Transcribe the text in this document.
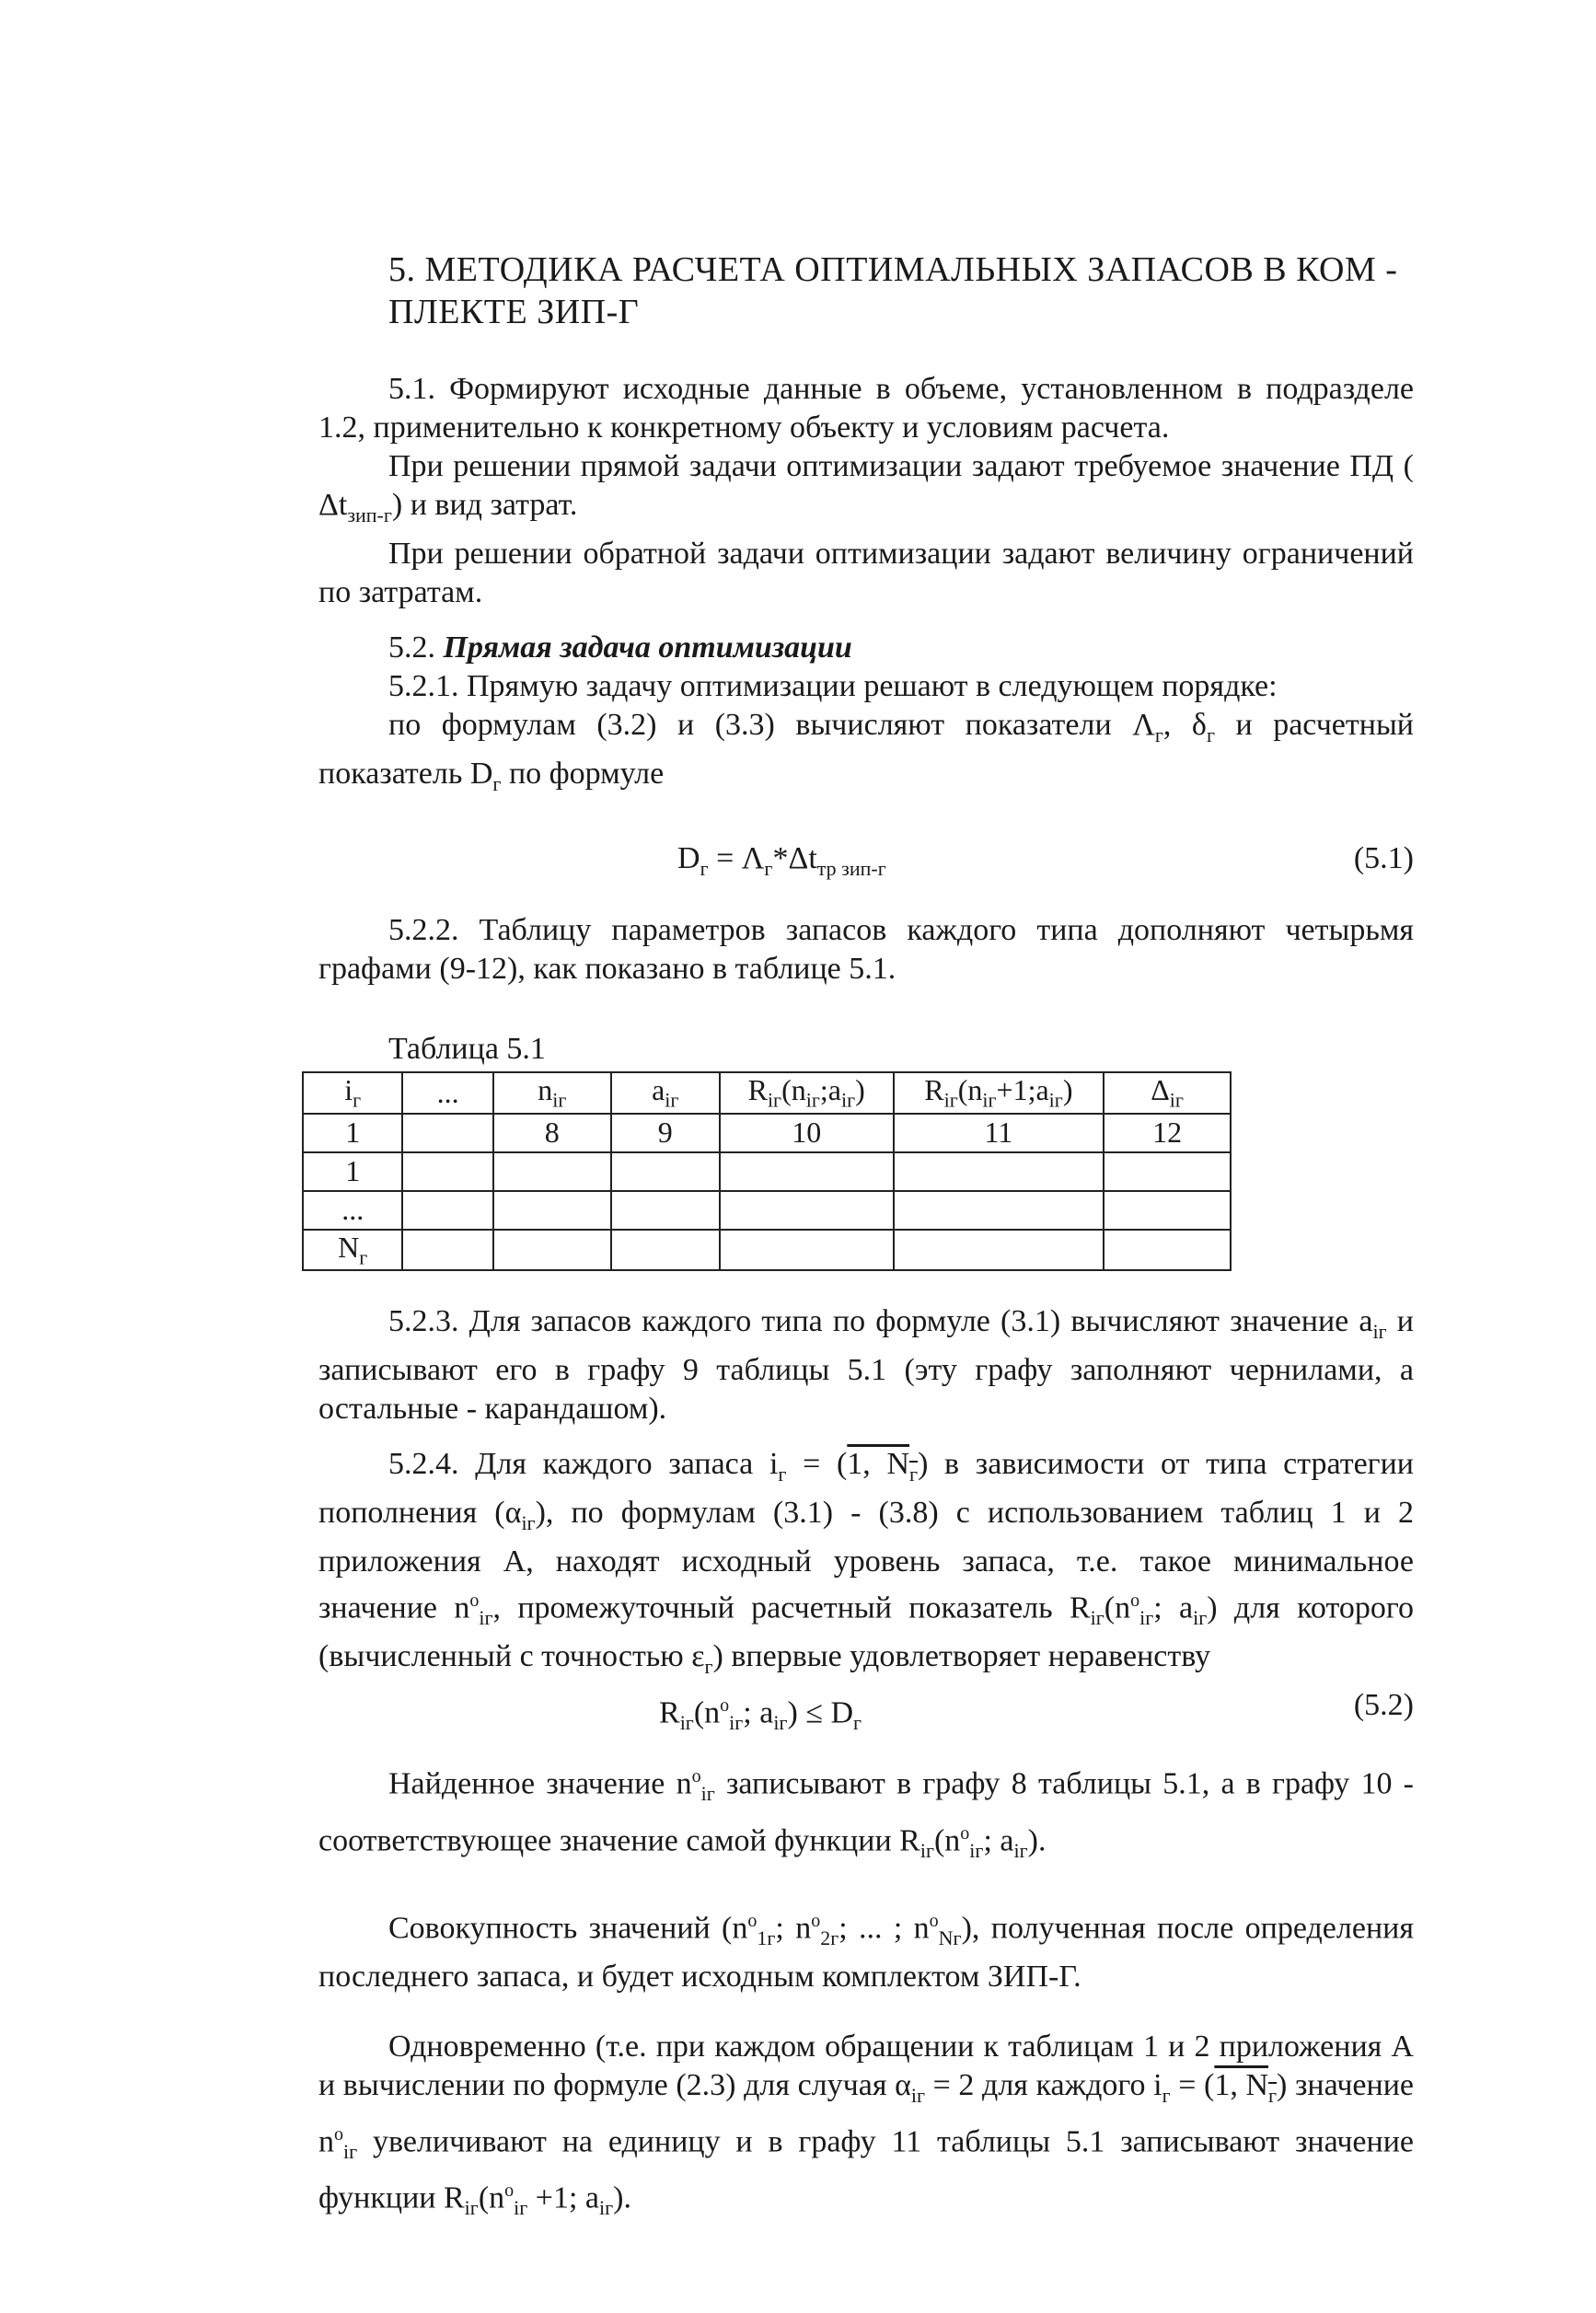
5. МЕТОДИКА РАСЧЕТА ОПТИМАЛЬНЫХ ЗАПАСОВ В КОМ -
ПЛЕКТЕ ЗИП-Г

5.1. Формируют исходные данные в объеме, установленном в подразделе 1.2, применительно к конкретному объекту и условиям расчета.

При решении прямой задачи оптимизации задают требуемое значение ПД ( $\Delta t_{зип-г}$) и вид затрат.

При решении обратной задачи оптимизации задают величину ограничений по затратам.

5.2. Прямая задача оптимизации

5.2.1. Прямую задачу оптимизации решают в следующем порядке:

по формулам (3.2) и (3.3) вычисляют показатели $\Lambda_г$, $\delta_г$ и расчетный показатель $D_г$ по формуле

$D_г = \Lambda_г*\Delta t_{тр зип-г}$	(5.1)

5.2.2. Таблицу параметров запасов каждого типа дополняют четырьмя графами (9-12), как показано в таблице 5.1.

Таблица 5.1
$i_г$	...	$n_{iг}$	$a_{iг}$	$R_{iг}(n_{iг};a_{iг})$	$R_{iг}(n_{iг}+1;a_{iг})$	$\Delta_{iг}$
1		8	9	10	11	12
1						
...						
$N_г$						

5.2.3. Для запасов каждого типа по формуле (3.1) вычисляют значение $a_{iг}$ и записывают его в графу 9 таблицы 5.1 (эту графу заполняют чернилами, а остальные - карандашом).

5.2.4. Для каждого запаса $i_г = (1$, $N_г$) в зависимости от типа стратегии пополнения $(\alpha_{iг})$, по формулам (3.1) - (3.8) с использованием таблиц 1 и 2 приложения А, находят исходный уровень запаса, т.е. такое минимальное значение $n^o_{iг}$, промежуточный расчетный показатель $R_{iг}(n^o_{iг}$; $a_{iг}$) для которого (вычисленный с точностью $\varepsilon_г$) впервые удовлетворяет неравенству

$R_{iг}(n^o_{iг}$; $a_{iг}) \le D_г$
(5.2)

Найденное значение $n^o_{iг}$ записывают в графу 8 таблицы 5.1, а в графу 10 - соответствующее значение самой функции $R_{iг}(n^o_{iг}$; $a_{iг}$).

Совокупность значений ($n^o_{1г}$; $n^o_{2г}$; ... ; $n^o_{Nг}$), полученная после определения последнего запаса, и будет исходным комплектом ЗИП-Г.

Одновременно (т.е. при каждом обращении к таблицам 1 и 2 приложения А и вычислении по формуле (2.3) для случая $\alpha_{iг} = 2$ для каждого $i_г = (1$, $N_г$) значение $n^o_{iг}$ увеличивают на единицу и в графу 11 таблицы 5.1 записывают значение функции $R_{iг}(n^o_{iг} +1$; $a_{iг}$).
